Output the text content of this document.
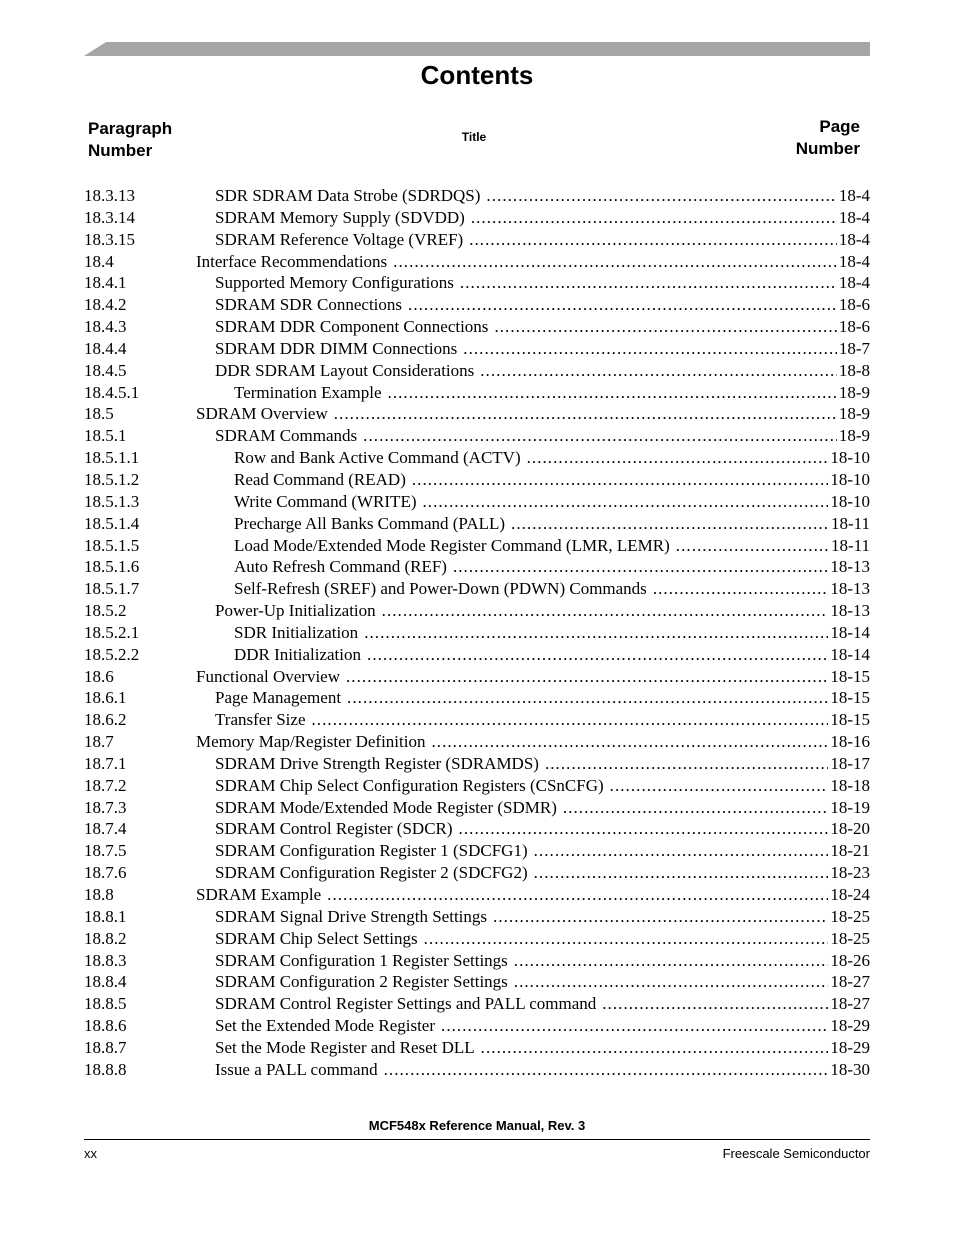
Contents
Paragraph
Number
Title
Page
Number
18.3.13	SDR SDRAM Data Strobe (SDRDQS) . . .	18-4
18.3.14	SDRAM Memory Supply (SDVDD) . . .	18-4
18.3.15	SDRAM Reference Voltage (VREF) . . .	18-4
18.4	Interface Recommendations . . .	18-4
18.4.1	Supported Memory Configurations . . .	18-4
18.4.2	SDRAM SDR Connections . . .	18-6
18.4.3	SDRAM DDR Component Connections . . .	18-6
18.4.4	SDRAM DDR DIMM Connections . . .	18-7
18.4.5	DDR SDRAM Layout Considerations . . .	18-8
18.4.5.1	Termination Example . . .	18-9
18.5	SDRAM Overview . . .	18-9
18.5.1	SDRAM Commands . . .	18-9
18.5.1.1	Row and Bank Active Command (ACTV) . . .	18-10
18.5.1.2	Read Command (READ) . . .	18-10
18.5.1.3	Write Command (WRITE) . . .	18-10
18.5.1.4	Precharge All Banks Command (PALL) . . .	18-11
18.5.1.5	Load Mode/Extended Mode Register Command (LMR, LEMR) . . .	18-11
18.5.1.6	Auto Refresh Command (REF) . . .	18-13
18.5.1.7	Self-Refresh (SREF) and Power-Down (PDWN) Commands . . .	18-13
18.5.2	Power-Up Initialization . . .	18-13
18.5.2.1	SDR Initialization . . .	18-14
18.5.2.2	DDR Initialization . . .	18-14
18.6	Functional Overview . . .	18-15
18.6.1	Page Management . . .	18-15
18.6.2	Transfer Size . . .	18-15
18.7	Memory Map/Register Definition . . .	18-16
18.7.1	SDRAM Drive Strength Register (SDRAMDS) . . .	18-17
18.7.2	SDRAM Chip Select Configuration Registers (CSnCFG) . . .	18-18
18.7.3	SDRAM Mode/Extended Mode Register (SDMR) . . .	18-19
18.7.4	SDRAM Control Register (SDCR) . . .	18-20
18.7.5	SDRAM Configuration Register 1 (SDCFG1) . . .	18-21
18.7.6	SDRAM Configuration Register 2 (SDCFG2) . . .	18-23
18.8	SDRAM Example . . .	18-24
18.8.1	SDRAM Signal Drive Strength Settings . . .	18-25
18.8.2	SDRAM Chip Select Settings . . .	18-25
18.8.3	SDRAM Configuration 1 Register Settings . . .	18-26
18.8.4	SDRAM Configuration 2 Register Settings . . .	18-27
18.8.5	SDRAM Control Register Settings and PALL command . . .	18-27
18.8.6	Set the Extended Mode Register . . .	18-29
18.8.7	Set the Mode Register and Reset DLL . . .	18-29
18.8.8	Issue a PALL command . . .	18-30
MCF548x Reference Manual, Rev. 3
xx	Freescale Semiconductor
